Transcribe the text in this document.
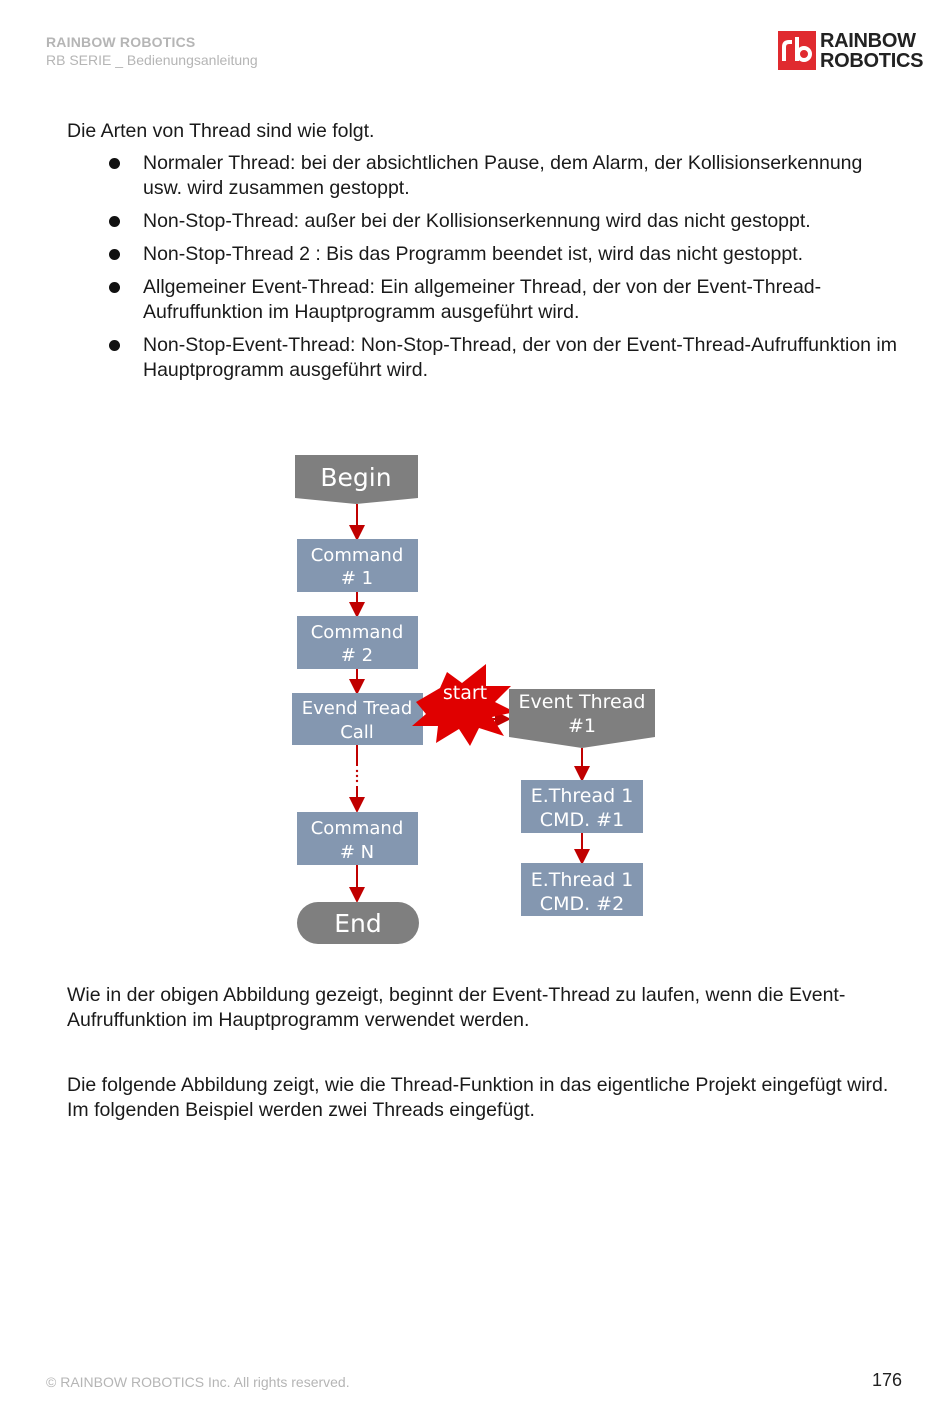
RAINBOW ROBOTICS
RB SERIE _ Bedienungsanleitung
RAINBOW
ROBOTICS

Die Arten von Thread sind wie folgt.

Normaler Thread: bei der absichtlichen Pause, dem Alarm, der Kollisionserkennung usw. wird zusammen gestoppt.
Non-Stop-Thread: außer bei der Kollisionserkennung wird das nicht gestoppt.
Non-Stop-Thread 2 : Bis das Programm beendet ist, wird das nicht gestoppt.
Allgemeiner Event-Thread: Ein allgemeiner Thread, der von der Event-Thread-Aufruffunktion im Hauptprogramm ausgeführt wird.
Non-Stop-Event-Thread: Non-Stop-Thread, der von der Event-Thread-Aufruffunktion im Hauptprogramm ausgeführt wird.
Begin
Command
# 1
Command
# 2
Evend Tread
Call
start Event Thread
#1
E.Thread 1
CMD. #1
E.Thread 1
CMD. #2
Command
# N
End

Wie in der obigen Abbildung gezeigt, beginnt der Event-Thread zu laufen, wenn die Event-Aufruffunktion im Hauptprogramm verwendet werden.

Die folgende Abbildung zeigt, wie die Thread-Funktion in das eigentliche Projekt eingefügt wird. Im folgenden Beispiel werden zwei Threads eingefügt.

© RAINBOW ROBOTICS Inc. All rights reserved.	176
